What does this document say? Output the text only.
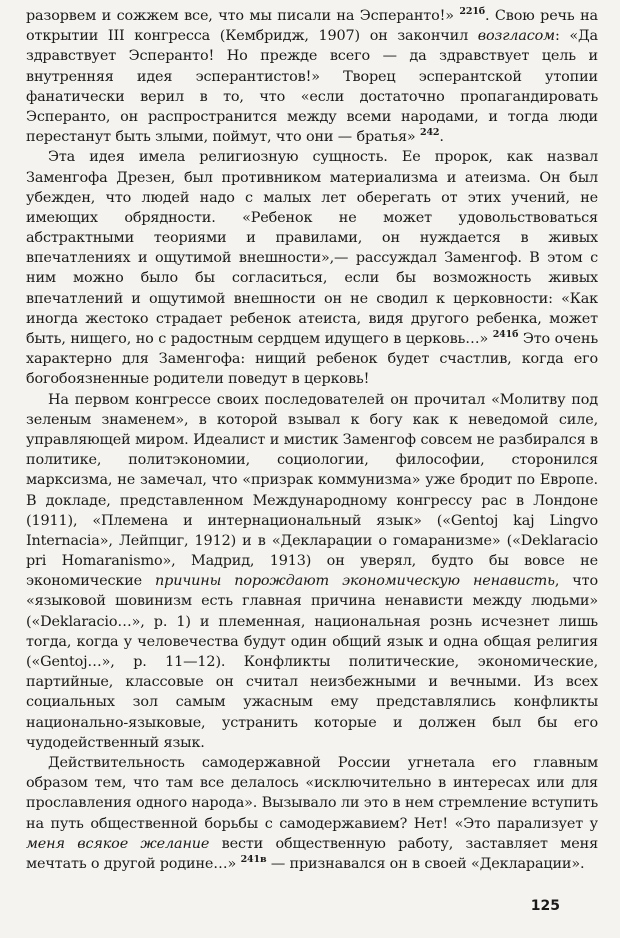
разорвем и сожжем все, что мы писали на Эсперанто!» $^{221б}$. Свою речь на открытии III конгресса (Кембридж, 1907) он закончил возгласом: «Да здравствует Эсперанто! Но прежде всего — да здравствует цель и внутренняя идея эсперантистов!» Творец эсперантской утопии фанатически верил в то, что «если достаточно пропагандировать Эсперанто, он распространится между всеми народами, и тогда люди перестанут быть злыми, поймут, что они — братья» $^{242}$.

Эта идея имела религиозную сущность. Ее пророк, как назвал Заменгофа Дрезен, был противником материализма и атеизма. Он был убежден, что людей надо с малых лет оберегать от этих учений, не имеющих обрядности. «Ребенок не может удовольствоваться абстрактными теориями и правилами, он нуждается в живых впечатлениях и ощутимой внешности»,— рассуждал Заменгоф. В этом с ним можно было бы согласиться, если бы возможность живых впечатлений и ощутимой внешности он не сводил к церковности: «Как иногда жестоко страдает ребенок атеиста, видя другого ребенка, может быть, нищего, но с радостным сердцем идущего в церковь…» $^{241б}$ Это очень характерно для Заменгофа: нищий ребенок будет счастлив, когда его богобоязненные родители поведут в церковь!

На первом конгрессе своих последователей он прочитал «Молитву под зеленым знаменем», в которой взывал к богу как к неведомой силе, управляющей миром. Идеалист и мистик Заменгоф совсем не разбирался в политике, политэкономии, социологии, философии, сторонился марксизма, не замечал, что «призрак коммунизма» уже бродит по Европе. В докладе, представленном Международному конгрессу рас в Лондоне (1911), «Племена и интернациональный язык» («Gentoj kaj Lingvo Internacia», Лейпциг, 1912) и в «Декларации о гомаранизме» («Deklaracio pri Homaranismo», Мадрид, 1913) он уверял, будто бы вовсе не экономические причины порождают экономическую ненависть, что «языковой шовинизм есть главная причина ненависти между людьми» («Deklaracio…», р. 1) и племенная, национальная рознь исчезнет лишь тогда, когда у человечества будут один общий язык и одна общая религия («Gentoj…», р. 11—12). Конфликты политические, экономические, партийные, классовые он считал неизбежными и вечными. Из всех социальных зол самым ужасным ему представлялись конфликты национально-языковые, устранить которые и должен был бы его чудодейственный язык.

Действительность самодержавной России угнетала его главным образом тем, что там все делалось «исключительно в интересах или для прославления одного народа». Вызывало ли это в нем стремление вступить на путь общественной борьбы с самодержавием? Нет! «Это парализует у меня всякое желание вести общественную работу, заставляет меня мечтать о другой родине…» $^{241в}$ — признавался он в своей «Декларации».

125
